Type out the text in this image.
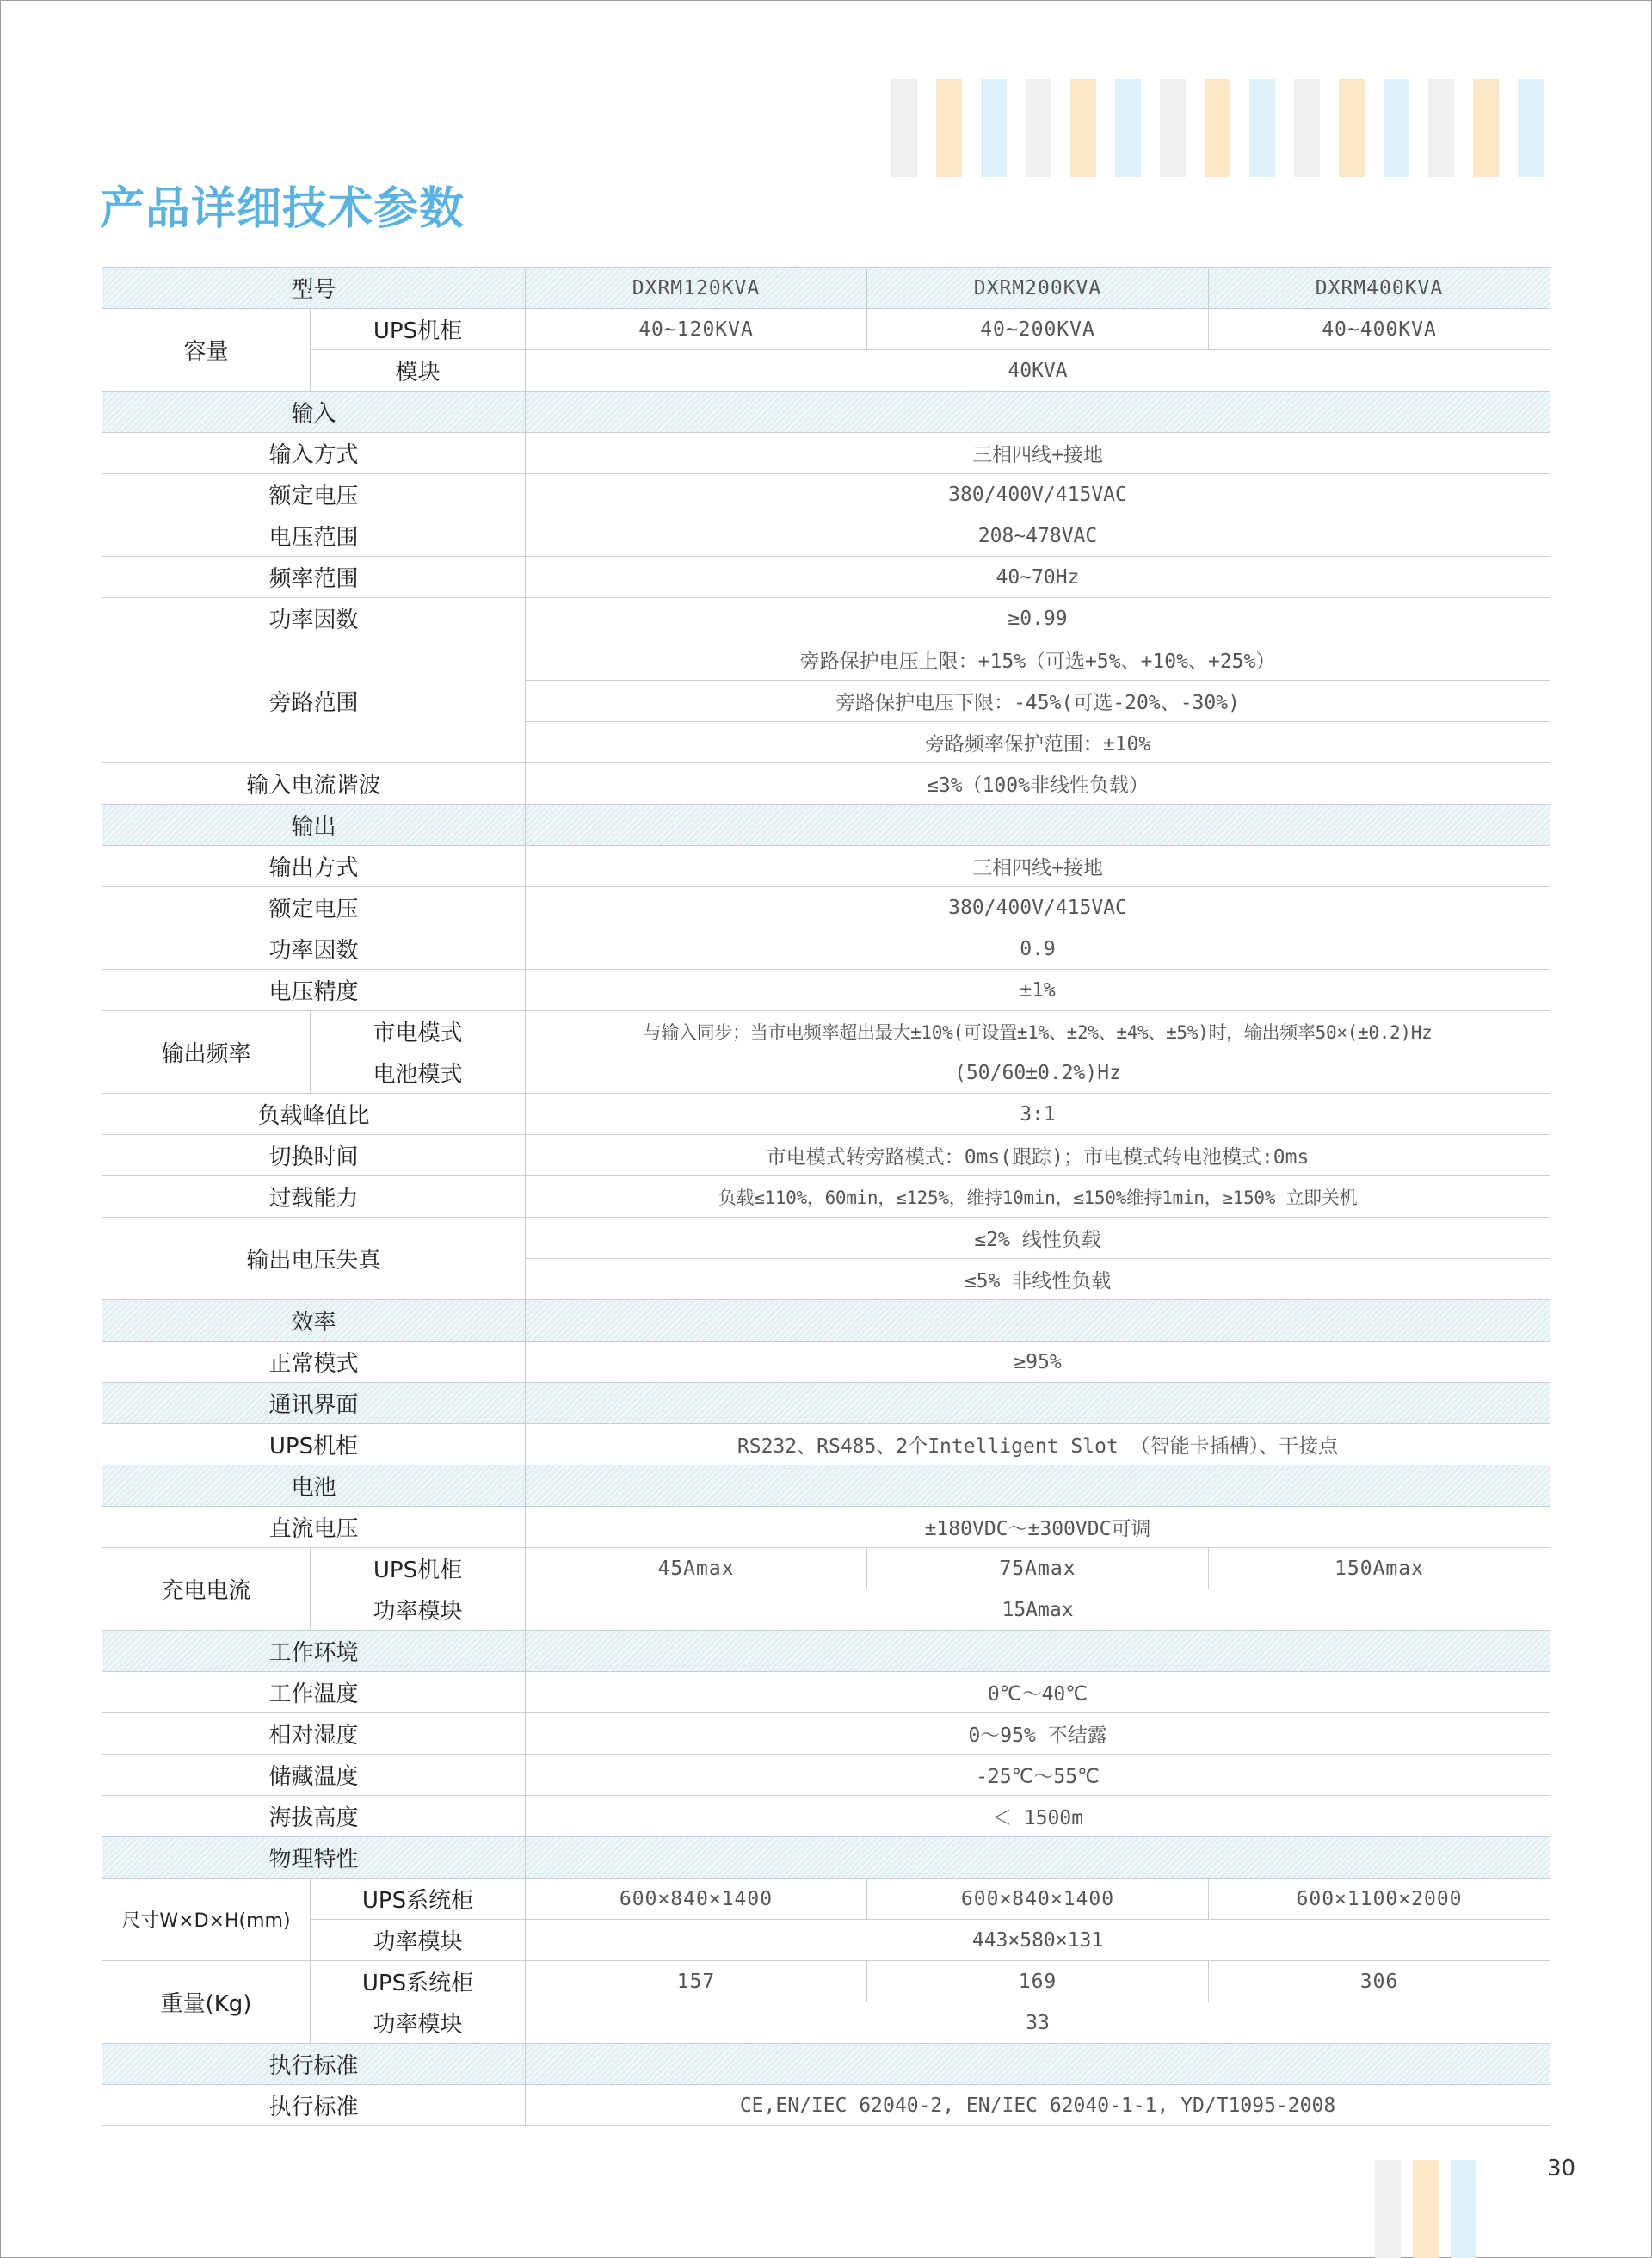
产品详细技术参数
型号		DXRM120KVA	DXRM200KVA	DXRM400KVA
容量	UPS机柜	40~120KVA	40~200KVA	40~400KVA
	模块	40KVA		
输入				
输入方式		三相四线+接地		
额定电压		380/400V/415VAC		
电压范围		208~478VAC		
频率范围		40~70Hz		
功率因数		≥0.99		
旁路范围		旁路保护电压上限：+15%（可选+5%、+10%、+25%）		
		旁路保护电压下限：-45%(可选-20%、-30%)		
		旁路频率保护范围：±10%		
输入电流谐波		≤3%（100%非线性负载）		
输出				
输出方式		三相四线+接地		
额定电压		380/400V/415VAC		
功率因数		0.9		
电压精度		±1%		
输出频率	市电模式	与输入同步；当市电频率超出最大±10%(可设置±1%、±2%、±4%、±5%)时，输出频率50×(±0.2)Hz		
	电池模式	(50/60±0.2%)Hz		
负载峰值比		3:1		
切换时间		市电模式转旁路模式：0ms(跟踪)；市电模式转电池模式:0ms		
过载能力		负载≤110%，60min，≤125%，维持10min，≤150%维持1min，≥150% 立即关机		
输出电压失真		≤2% 线性负载		
		≤5% 非线性负载		
效率				
正常模式		≥95%		
通讯界面				
UPS机柜		RS232、RS485、2个Intelligent Slot （智能卡插槽）、干接点		
电池				
直流电压		±180VDC～±300VDC可调		
充电电流	UPS机柜	45Amax	75Amax	150Amax
	功率模块	15Amax		
工作环境				
工作温度		0℃～40℃		
相对湿度		0～95% 不结露		
储藏温度		-25℃～55℃		
海拔高度		＜ 1500m		
物理特性				
尺寸W×D×H(mm)	UPS系统柜	600×840×1400	600×840×1400	600×1100×2000
	功率模块	443×580×131		
重量(Kg)	UPS系统柜	157	169	306
	功率模块	33		
执行标准				
执行标准		CE,EN/IEC 62040-2, EN/IEC 62040-1-1, YD/T1095-2008		
30
